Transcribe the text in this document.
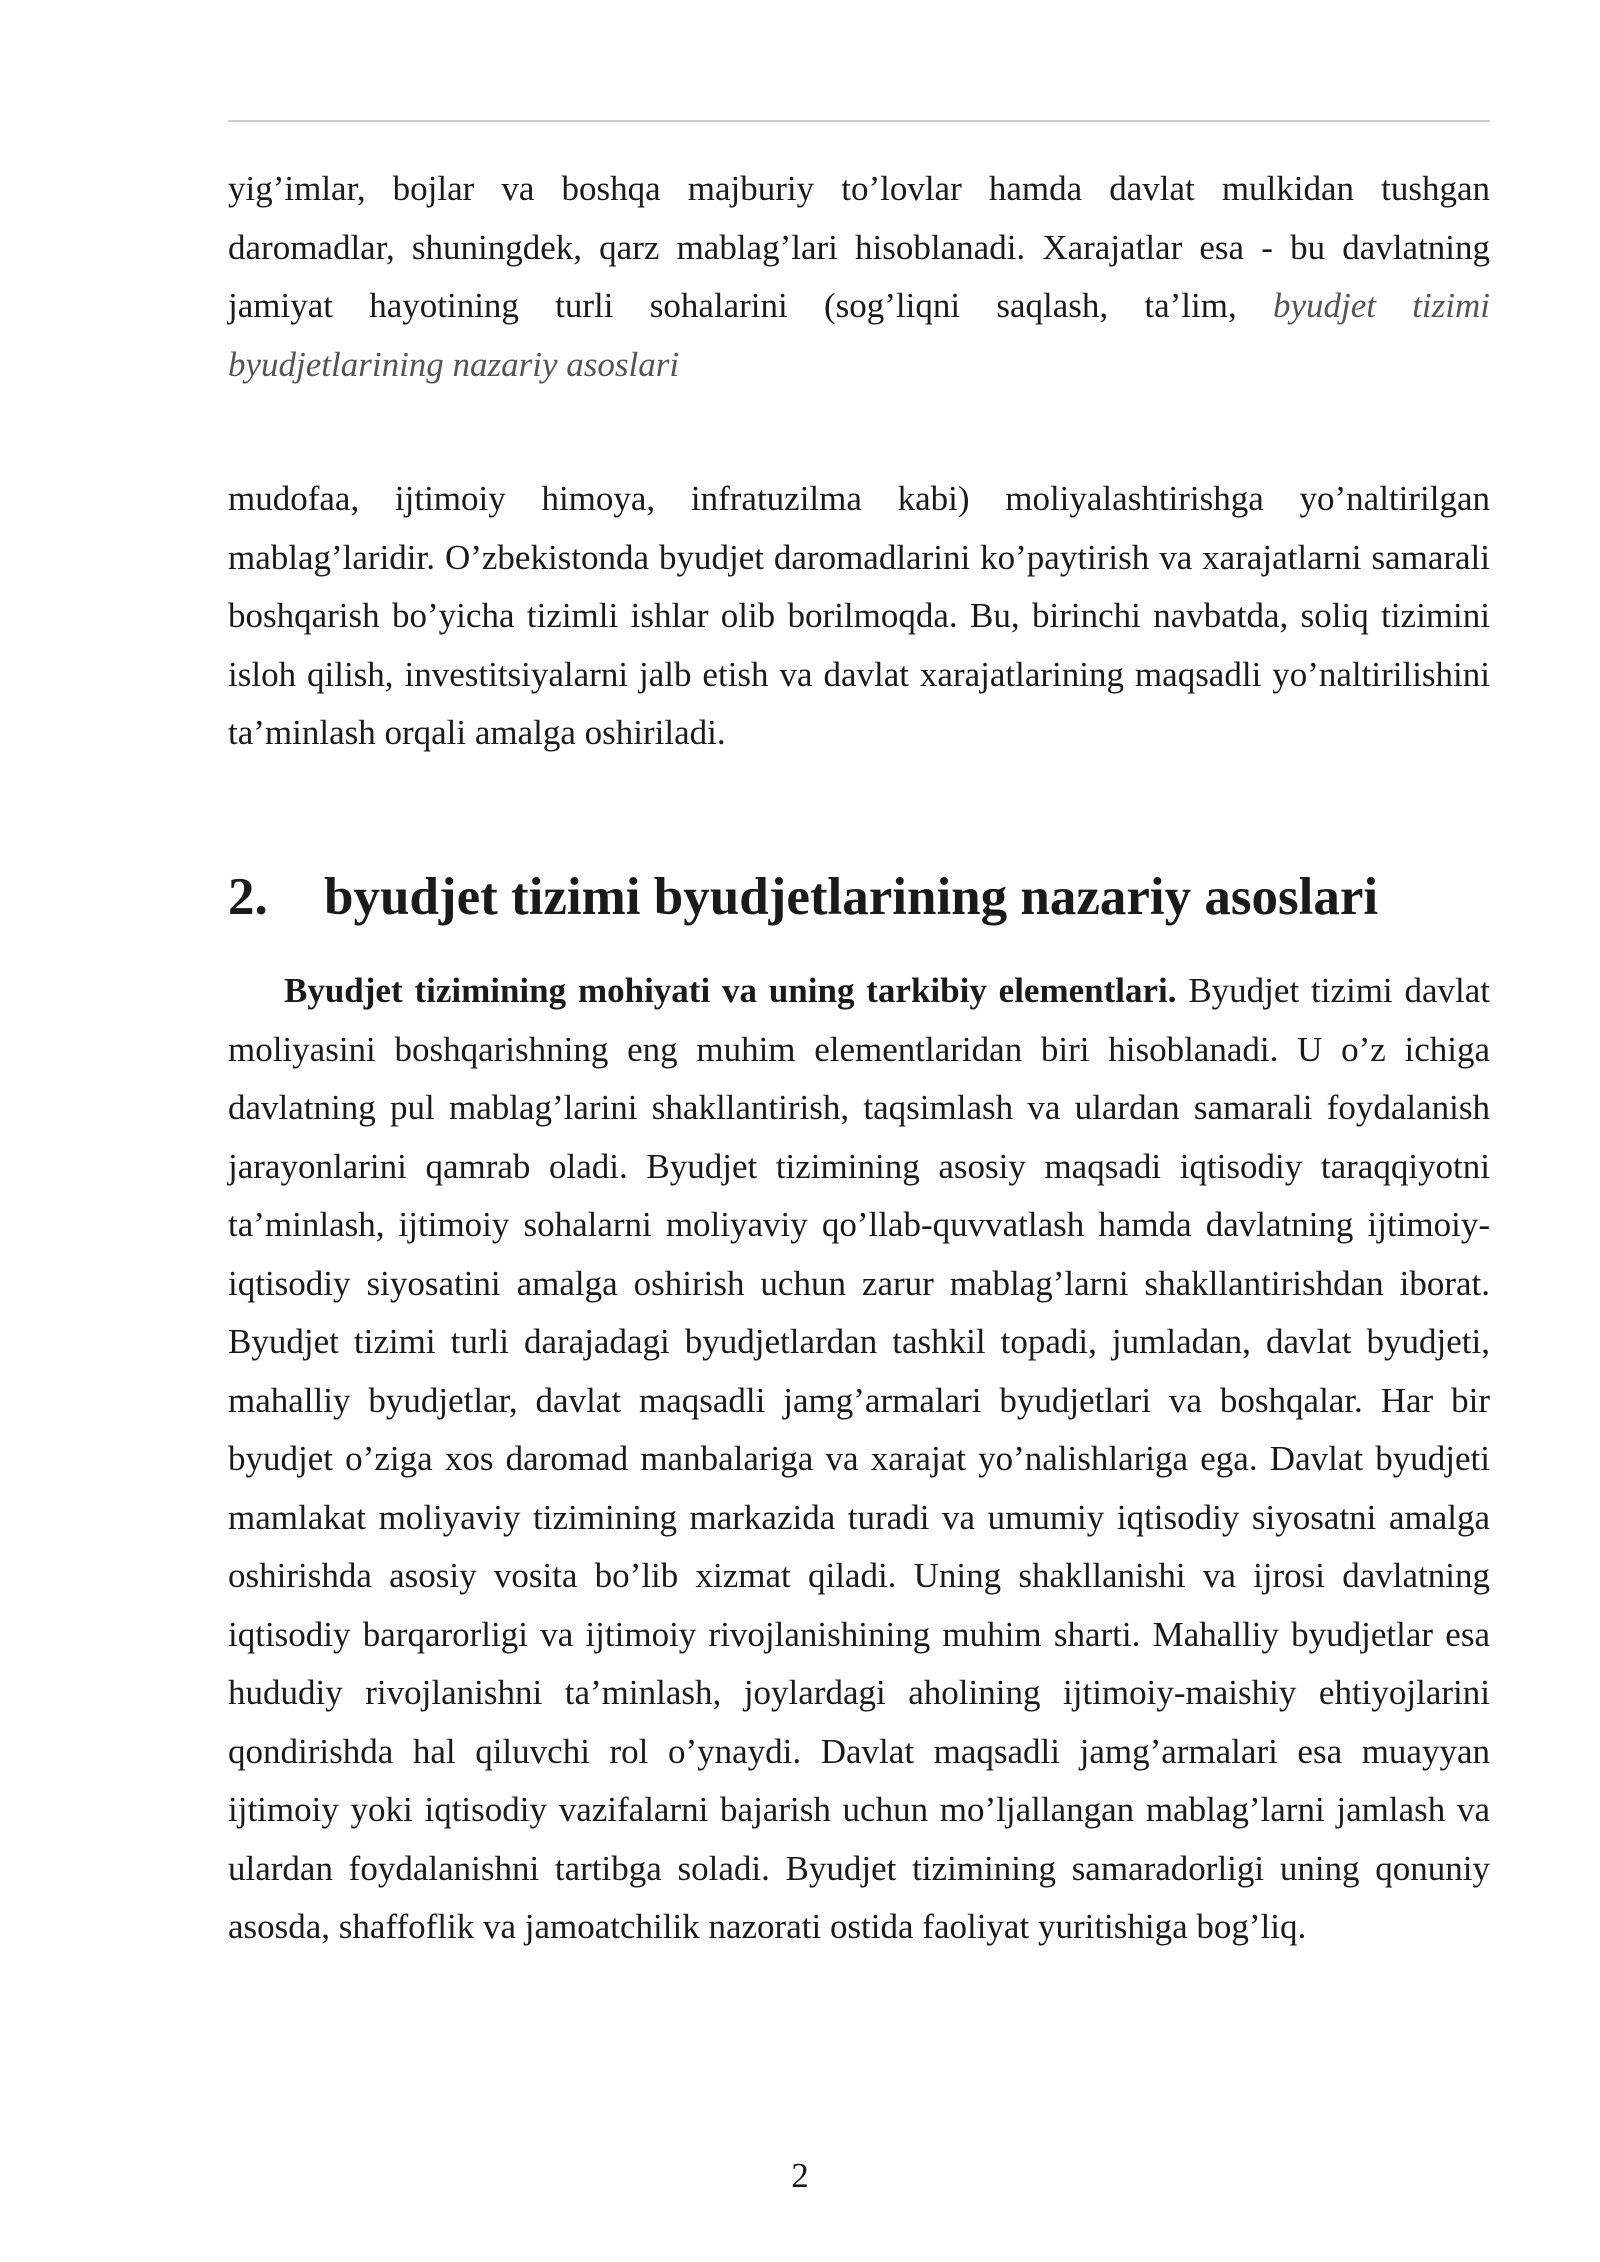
yig’imlar, bojlar va boshqa majburiy to’lovlar hamda davlat mulkidan tushgan daromadlar, shuningdek, qarz mablag’lari hisoblanadi. Xarajatlar esa - bu davlatning jamiyat hayotining turli sohalarini (sog’liqni saqlash, ta’lim, byudjet tizimi byudjetlarining nazariy asoslari

mudofaa, ijtimoiy himoya, infratuzilma kabi) moliyalashtirishga yo’naltirilgan mablag’laridir. O’zbekistonda byudjet daromadlarini ko’paytirish va xarajatlarni samarali boshqarish bo’yicha tizimli ishlar olib borilmoqda. Bu, birinchi navbatda, soliq tizimini isloh qilish, investitsiyalarni jalb etish va davlat xarajatlarining maqsadli yo’naltirilishini ta’minlash orqali amalga oshiriladi.

2. byudjet tizimi byudjetlarining nazariy asoslari

Byudjet tizimining mohiyati va uning tarkibiy elementlari. Byudjet tizimi davlat moliyasini boshqarishning eng muhim elementlaridan biri hisoblanadi. U o’z ichiga davlatning pul mablag’larini shakllantirish, taqsimlash va ulardan samarali foydalanish jarayonlarini qamrab oladi. Byudjet tizimining asosiy maqsadi iqtisodiy taraqqiyotni ta’minlash, ijtimoiy sohalarni moliyaviy qo’llab-quvvatlash hamda davlatning ijtimoiy-iqtisodiy siyosatini amalga oshirish uchun zarur mablag’larni shakllantirishdan iborat. Byudjet tizimi turli darajadagi byudjetlardan tashkil topadi, jumladan, davlat byudjeti, mahalliy byudjetlar, davlat maqsadli jamg’armalari byudjetlari va boshqalar. Har bir byudjet o’ziga xos daromad manbalariga va xarajat yo’nalishlariga ega. Davlat byudjeti mamlakat moliyaviy tizimining markazida turadi va umumiy iqtisodiy siyosatni amalga oshirishda asosiy vosita bo’lib xizmat qiladi. Uning shakllanishi va ijrosi davlatning iqtisodiy barqarorligi va ijtimoiy rivojlanishining muhim sharti. Mahalliy byudjetlar esa hududiy rivojlanishni ta’minlash, joylardagi aholining ijtimoiy-maishiy ehtiyojlarini qondirishda hal qiluvchi rol o’ynaydi. Davlat maqsadli jamg’armalari esa muayyan ijtimoiy yoki iqtisodiy vazifalarni bajarish uchun mo’ljallangan mablag’larni jamlash va ulardan foydalanishni tartibga soladi. Byudjet tizimining samaradorligi uning qonuniy asosda, shaffoflik va jamoatchilik nazorati ostida faoliyat yuritishiga bog’liq.

2
